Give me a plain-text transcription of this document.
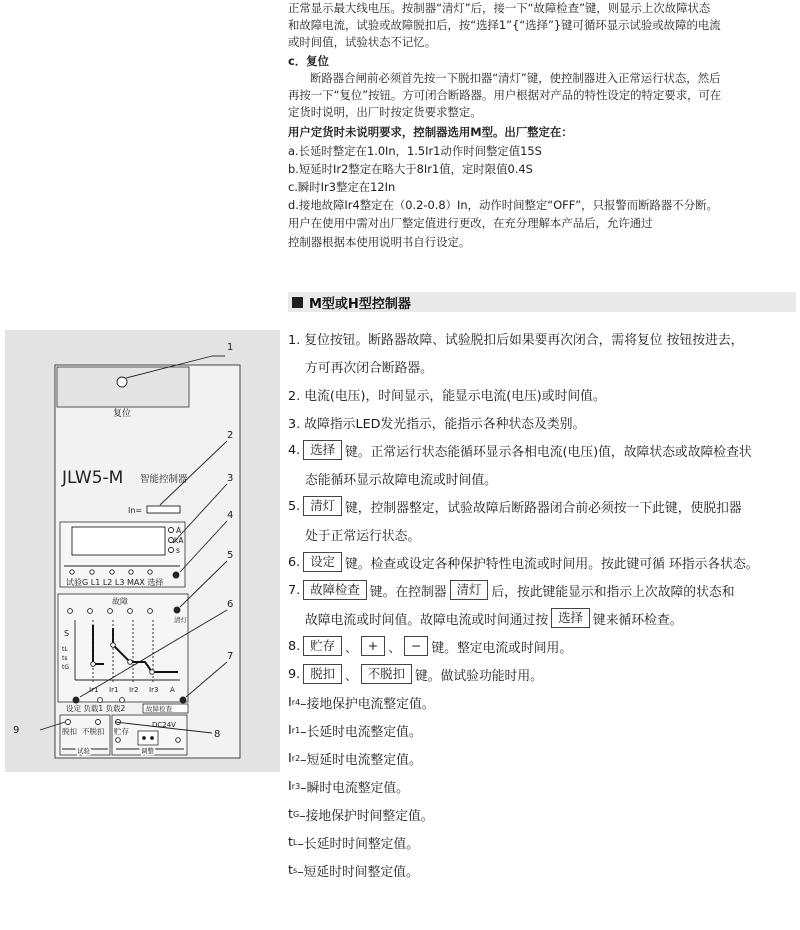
正常显示最大线电压。按制器“清灯”后，接一下“故障检查”键，则显示上次故障状态

和故障电流，试验或故障脱扣后，按“选择1”{“选择”}键可循环显示试验或故障的电流

或时间值，试验状态不记忆。

c．复位

断路器合闸前必须首先按一下脱扣器“清灯”键，使控制器进入正常运行状态，然后

再按一下“复位”按钮。方可闭合断路器。用户根据对产品的特性设定的特定要求，可在

定货时说明，出厂时按定货要求整定。

用户定货时未说明要求，控制器选用M型。出厂整定在：

a.长延时整定在1.0In，1.5Ir1动作时间整定值15S

b.短延时Ir2整定在略大于8Ir1值，定时限值0.4S

c.瞬时Ir3整定在12In

d.接地故障Ir4整定在（0.2-0.8）In，动作时间整定“OFF”，只报警而断路器不分断。

用户在使用中需对出厂整定值进行更改，在充分理解本产品后，允许通过

控制器根据本使用说明书自行设定。

M型或H型控制器
1. 复位按钮。断路器故障、试验脱扣后如果要再次闭合，需将复位 按钮按进去，
方可再次闭合断路器。
2. 电流(电压)，时间显示，能显示电流(电压)或时间值。
3. 故障指示LED发光指示，能指示各种状态及类别。
4. 选择 键。正常运行状态能循环显示各相电流(电压)值，故障状态或故障检查状
态能循环显示故障电流或时间值。
5. 清灯 键，控制器整定，试验故障后断路器闭合前必须按一下此键，使脱扣器
处于正常运行状态。
6. 设定 键。检查或设定各种保护特性电流或时间用。按此键可循 环指示各状态。
7. 故障检查 键。在控制器 清灯 后，按此键能显示和指示上次故障的状态和
故障电流或时间值。故障电流或时间通过按 选择 键来循环检查。
8. 贮存 、 + 、 − 键。整定电流或时间用。
9. 脱扣 、 不脱扣 键。做试验功能时用。
I r4 –接地保护电流整定值。
I r1 –长延时电流整定值。
I r2 –短延时电流整定值。
I r3 –瞬时电流整定值。
t G –接地保护时间整定值。
t L –长延时时间整定值。
t s –短延时时间整定值。
复位
JLW5-M 智能控制器
In=
A
kA
s
试验G L1 L2 L3 MAX 选择
故障
清灯
S
tL
ts
tG
Ir1 Ir1 Ir2 Ir3 A
设定 负载1 负载2	故障检查
脱扣 不脱扣
试验
贮存
DC24V
调整
1
2
3
4
5
6
7
8
9
